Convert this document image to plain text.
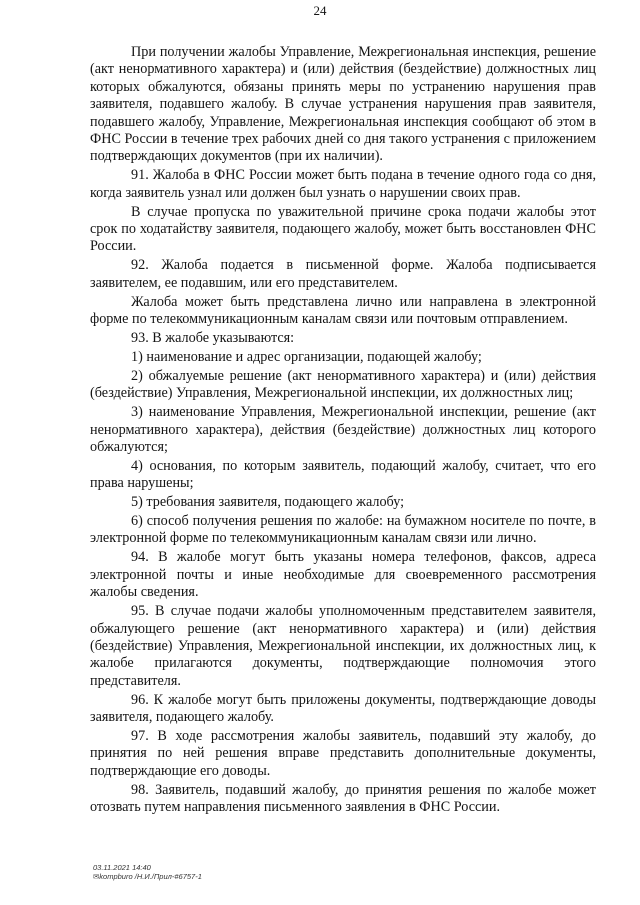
24

При получении жалобы Управление, Межрегиональная инспекция, решение (акт ненормативного характера) и (или) действия (бездействие) должностных лиц которых обжалуются, обязаны принять меры по устранению нарушения прав заявителя, подавшего жалобу. В случае устранения нарушения прав заявителя, подавшего жалобу, Управление, Межрегиональная инспекция сообщают об этом в ФНС России в течение трех рабочих дней со дня такого устранения с приложением подтверждающих документов (при их наличии).

91. Жалоба в ФНС России может быть подана в течение одного года со дня, когда заявитель узнал или должен был узнать о нарушении своих прав.

В случае пропуска по уважительной причине срока подачи жалобы этот срок по ходатайству заявителя, подающего жалобу, может быть восстановлен ФНС России.

92. Жалоба подается в письменной форме. Жалоба подписывается заявителем, ее подавшим, или его представителем.

Жалоба может быть представлена лично или направлена в электронной форме по телекоммуникационным каналам связи или почтовым отправлением.

93. В жалобе указываются:

1) наименование и адрес организации, подающей жалобу;

2) обжалуемые решение (акт ненормативного характера) и (или) действия (бездействие) Управления, Межрегиональной инспекции, их должностных лиц;

3) наименование Управления, Межрегиональной инспекции, решение (акт ненормативного характера), действия (бездействие) должностных лиц которого обжалуются;

4) основания, по которым заявитель, подающий жалобу, считает, что его права нарушены;

5) требования заявителя, подающего жалобу;

6) способ получения решения по жалобе: на бумажном носителе по почте, в электронной форме по телекоммуникационным каналам связи или лично.

94. В жалобе могут быть указаны номера телефонов, факсов, адреса электронной почты и иные необходимые для своевременного рассмотрения жалобы сведения.

95. В случае подачи жалобы уполномоченным представителем заявителя, обжалующего решение (акт ненормативного характера) и (или) действия (бездействие) Управления, Межрегиональной инспекции, их должностных лиц, к жалобе прилагаются документы, подтверждающие полномочия этого представителя.

96. К жалобе могут быть приложены документы, подтверждающие доводы заявителя, подающего жалобу.

97. В ходе рассмотрения жалобы заявитель, подавший эту жалобу, до принятия по ней решения вправе представить дополнительные документы, подтверждающие его доводы.

98. Заявитель, подавший жалобу, до принятия решения по жалобе может отозвать путем направления письменного заявления в ФНС России.

03.11.2021 14:40
✉kompburo /Н.И./Прил-#6757-1
